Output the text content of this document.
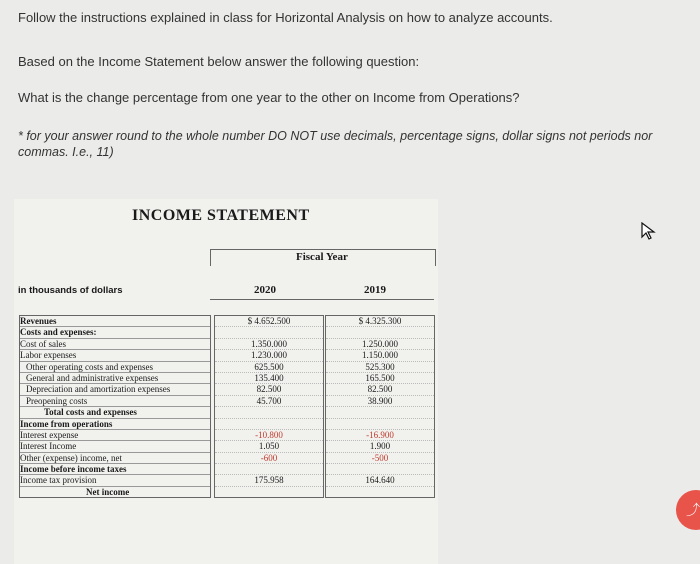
Follow the instructions explained in class for Horizontal Analysis on how to analyze accounts.
Based on the Income Statement below answer the following question:
What is the change percentage from one year to the other on Income from Operations?
* for your answer round to the whole number DO NOT use decimals, percentage signs, dollar signs not periods nor commas. I.e., 11)
INCOME STATEMENT
Fiscal Year
in thousands of dollars	2020	2019
Revenues
Costs and expenses:
Cost of sales
Labor expenses
Other operating costs and expenses
General and administrative expenses
Depreciation and amortization expenses
Preopening costs
Total costs and expenses
Income from operations
Interest expense
Interest Income
Other (expense) income, net
Income before income taxes
Income tax provision
Net income
$ 4.652.500
1.350.000
1.230.000
625.500
135.400
82.500
45.700
-10.800
1.050
-600
175.958
$ 4.325.300
1.250.000
1.150.000
525.300
165.500
82.500
38.900
-16.900
1.900
-500
164.640
⤴
